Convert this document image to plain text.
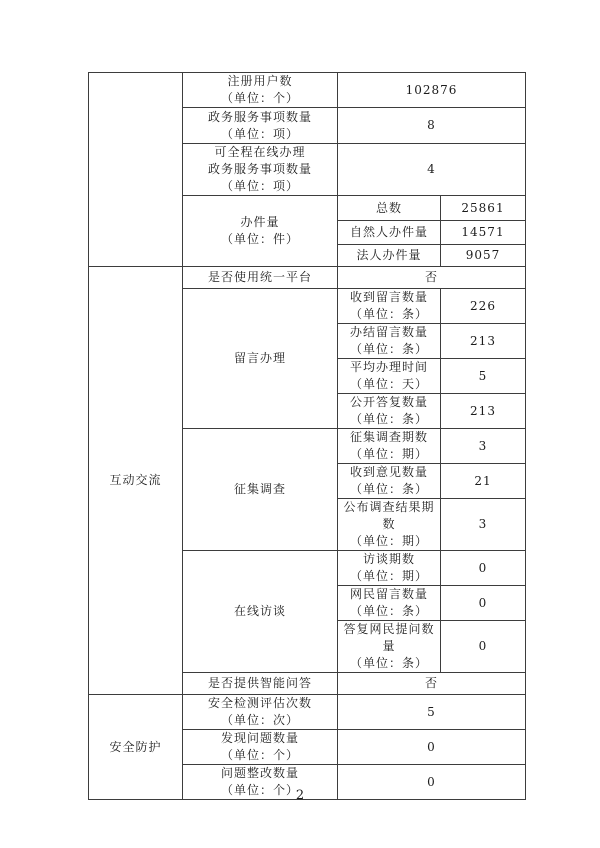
	注册用户数
（单位：个）	102876	

	政务服务事项数量
（单位：项）	8	

	可全程在线办理
政务服务事项数量
（单位：项）	4	

	办件量
（单位：件）	总数	25861
		自然人办件量	14571
		法人办件量	9057
互动交流	是否使用统一平台	否	
	留言办理	收到留言数量
（单位：条）	226

		办结留言数量
（单位：条）	213

		平均办理时间
（单位：天）	5

		公开答复数量
（单位：条）	213
	征集调查	征集调查期数
（单位：期）	3

		收到意见数量
（单位：条）	21

		公布调查结果期数
（单位：期）	3
	在线访谈	访谈期数
（单位：期）	0

		网民留言数量
（单位：条）	0

		答复网民提问数量
（单位：条）	0
	是否提供智能问答	否	
安全防护	安全检测评估次数
（单位：次）	5	

	发现问题数量
（单位：个）	0	

	问题整改数量
（单位：个）	0	
2
